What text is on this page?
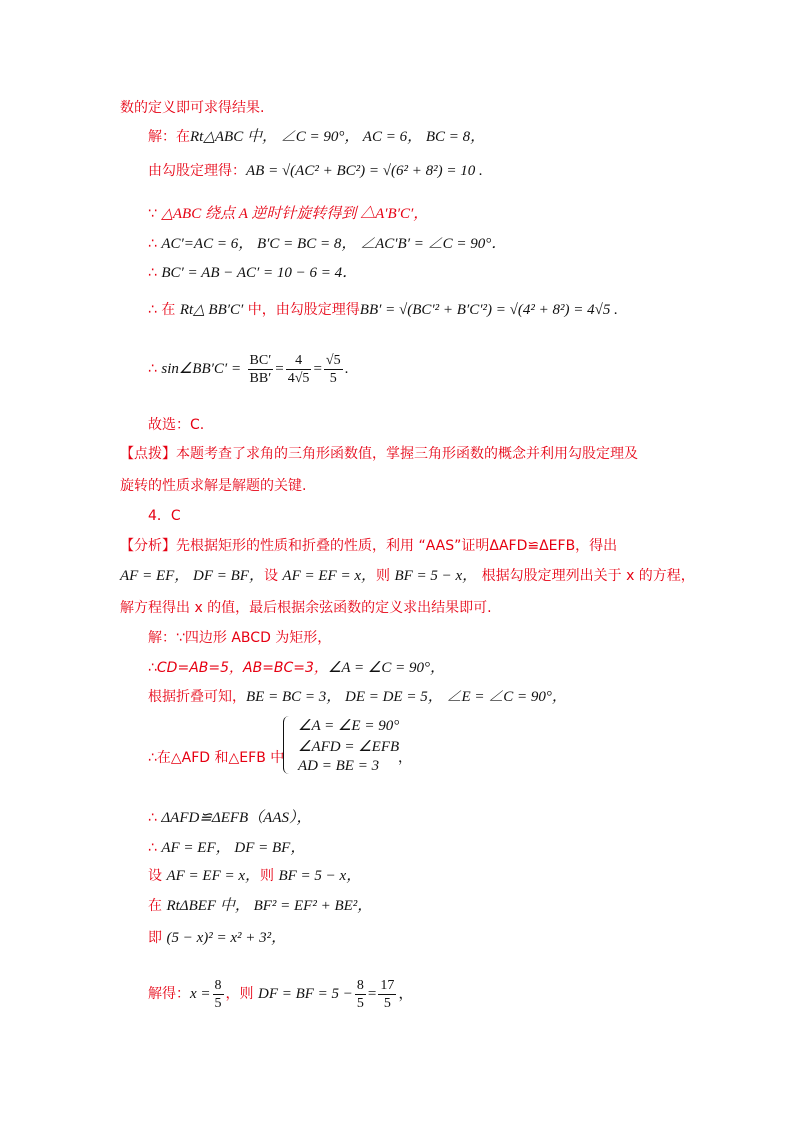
数的定义即可求得结果.
解：在Rt△ABC 中， ∠C = 90°， AC = 6， BC = 8，
由勾股定理得：AB = √(AC² + BC²) = √(6² + 8²) = 10 .
∵ △ABC 绕点 A 逆时针旋转得到 △A′B′C′，
∴ AC′=AC = 6， B′C = BC = 8， ∠AC′B′ = ∠C = 90°．
∴ BC′ = AB − AC′ = 10 − 6 = 4．
∴ 在 Rt△ BB′C′ 中，由勾股定理得BB′ = √(BC′² + B′C′²) = √(4² + 8²) = 4√5 .
∴ sin∠BB′C′ = $\frac{BC'}{BB'} = \frac{4}{4√5} = \frac{√5}{5}$ .
故选：C.
【点拨】本题考查了求角的三角形函数值，掌握三角形函数的概念并利用勾股定理及
旋转的性质求解是解题的关键.
4．C
【分析】先根据矩形的性质和折叠的性质，利用 “AAS”证明ΔAFD≌ΔEFB，得出
AF = EF， DF = BF，设 AF = EF = x，则 BF = 5 − x， 根据勾股定理列出关于 x 的方程，
解方程得出 x 的值，最后根据余弦函数的定义求出结果即可.
解：∵四边形 ABCD 为矩形，
∴CD=AB=5，AB=BC=3，∠A = ∠C = 90°，
根据折叠可知，BE = BC = 3， DE = DE = 5， ∠E = ∠C = 90°，
∴在△AFD 和△EFB 中
∠A = ∠E = 90°
∠AFD = ∠EFB
AD = BE = 3 ，
∴ ΔAFD≌ΔEFB（AAS），
∴ AF = EF， DF = BF，
设 AF = EF = x，则 BF = 5 − x，
在 RtΔBEF 中， BF² = EF² + BE²，
即 (5 − x)² = x² + 3²，
解得：$x = \frac{8}{5}$ ，则 DF = BF = $5 - \frac{8}{5} = \frac{17}{5}$ ，
